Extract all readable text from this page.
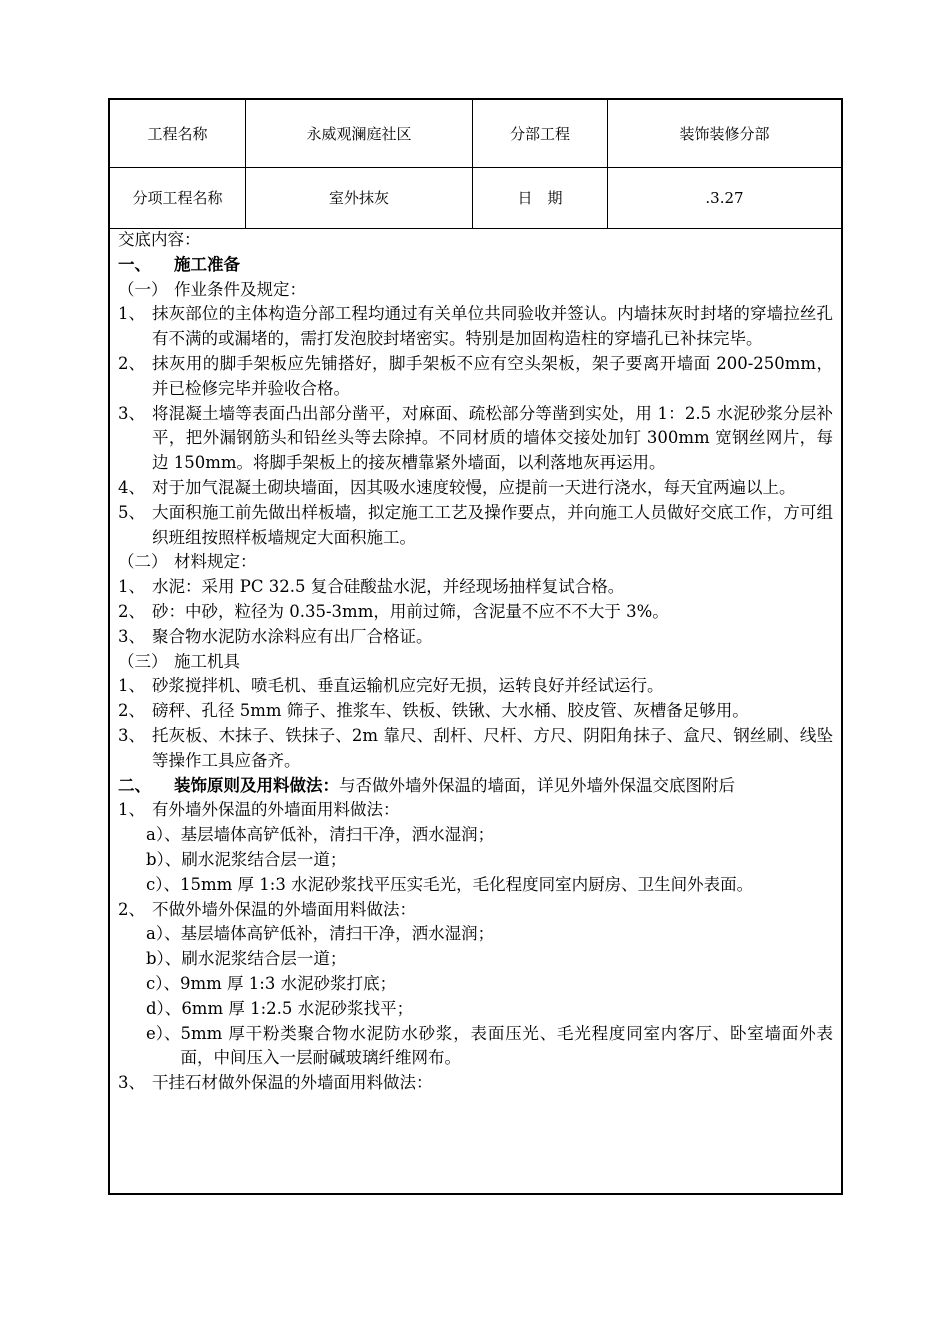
工程名称	永威观澜庭社区	分部工程	装饰装修分部
分项工程名称	室外抹灰	日　期	.3.27
交底内容：
一、 施工准备
（一） 作业条件及规定：
1、 抹灰部位的主体构造分部工程均通过有关单位共同验收并签认。内墙抹灰时封堵的穿墙拉丝孔有不满的或漏堵的，需打发泡胶封堵密实。特别是加固构造柱的穿墙孔已补抹完毕。
2、 抹灰用的脚手架板应先铺搭好，脚手架板不应有空头架板，架子要离开墙面 200-250mm，并已检修完毕并验收合格。
3、 将混凝土墙等表面凸出部分凿平，对麻面、疏松部分等凿到实处，用 1：2.5 水泥砂浆分层补平，把外漏钢筋头和铅丝头等去除掉。不同材质的墙体交接处加钉 300mm 宽钢丝网片，每边 150mm。将脚手架板上的接灰槽靠紧外墙面，以利落地灰再运用。
4、 对于加气混凝土砌块墙面，因其吸水速度较慢，应提前一天进行浇水，每天宜两遍以上。
5、 大面积施工前先做出样板墙，拟定施工工艺及操作要点，并向施工人员做好交底工作，方可组织班组按照样板墙规定大面积施工。
（二） 材料规定：
1、 水泥：采用 PC 32.5 复合硅酸盐水泥，并经现场抽样复试合格。
2、 砂：中砂，粒径为 0.35-3mm，用前过筛，含泥量不应不不大于 3%。
3、 聚合物水泥防水涂料应有出厂合格证。
（三） 施工机具
1、 砂浆搅拌机、喷毛机、垂直运输机应完好无损，运转良好并经试运行。
2、 磅秤、孔径 5mm 筛子、推浆车、铁板、铁锹、大水桶、胶皮管、灰槽备足够用。
3、 托灰板、木抹子、铁抹子、2m 靠尺、刮杆、尺杆、方尺、阴阳角抹子、盒尺、钢丝刷、线坠等操作工具应备齐。
二、 装饰原则及用料做法：与否做外墙外保温的墙面，详见外墙外保温交底图附后
1、 有外墙外保温的外墙面用料做法：
a）、 基层墙体高铲低补，清扫干净，洒水湿润；
b）、 刷水泥浆结合层一道；
c）、 15mm 厚 1:3 水泥砂浆找平压实毛光，毛化程度同室内厨房、卫生间外表面。
2、 不做外墙外保温的外墙面用料做法：
a）、 基层墙体高铲低补，清扫干净，洒水湿润；
b）、 刷水泥浆结合层一道；
c）、 9mm 厚 1:3 水泥砂浆打底；
d）、 6mm 厚 1:2.5 水泥砂浆找平；
e）、 5mm 厚干粉类聚合物水泥防水砂浆，表面压光、毛光程度同室内客厅、卧室墙面外表面，中间压入一层耐碱玻璃纤维网布。
3、 干挂石材做外保温的外墙面用料做法：
